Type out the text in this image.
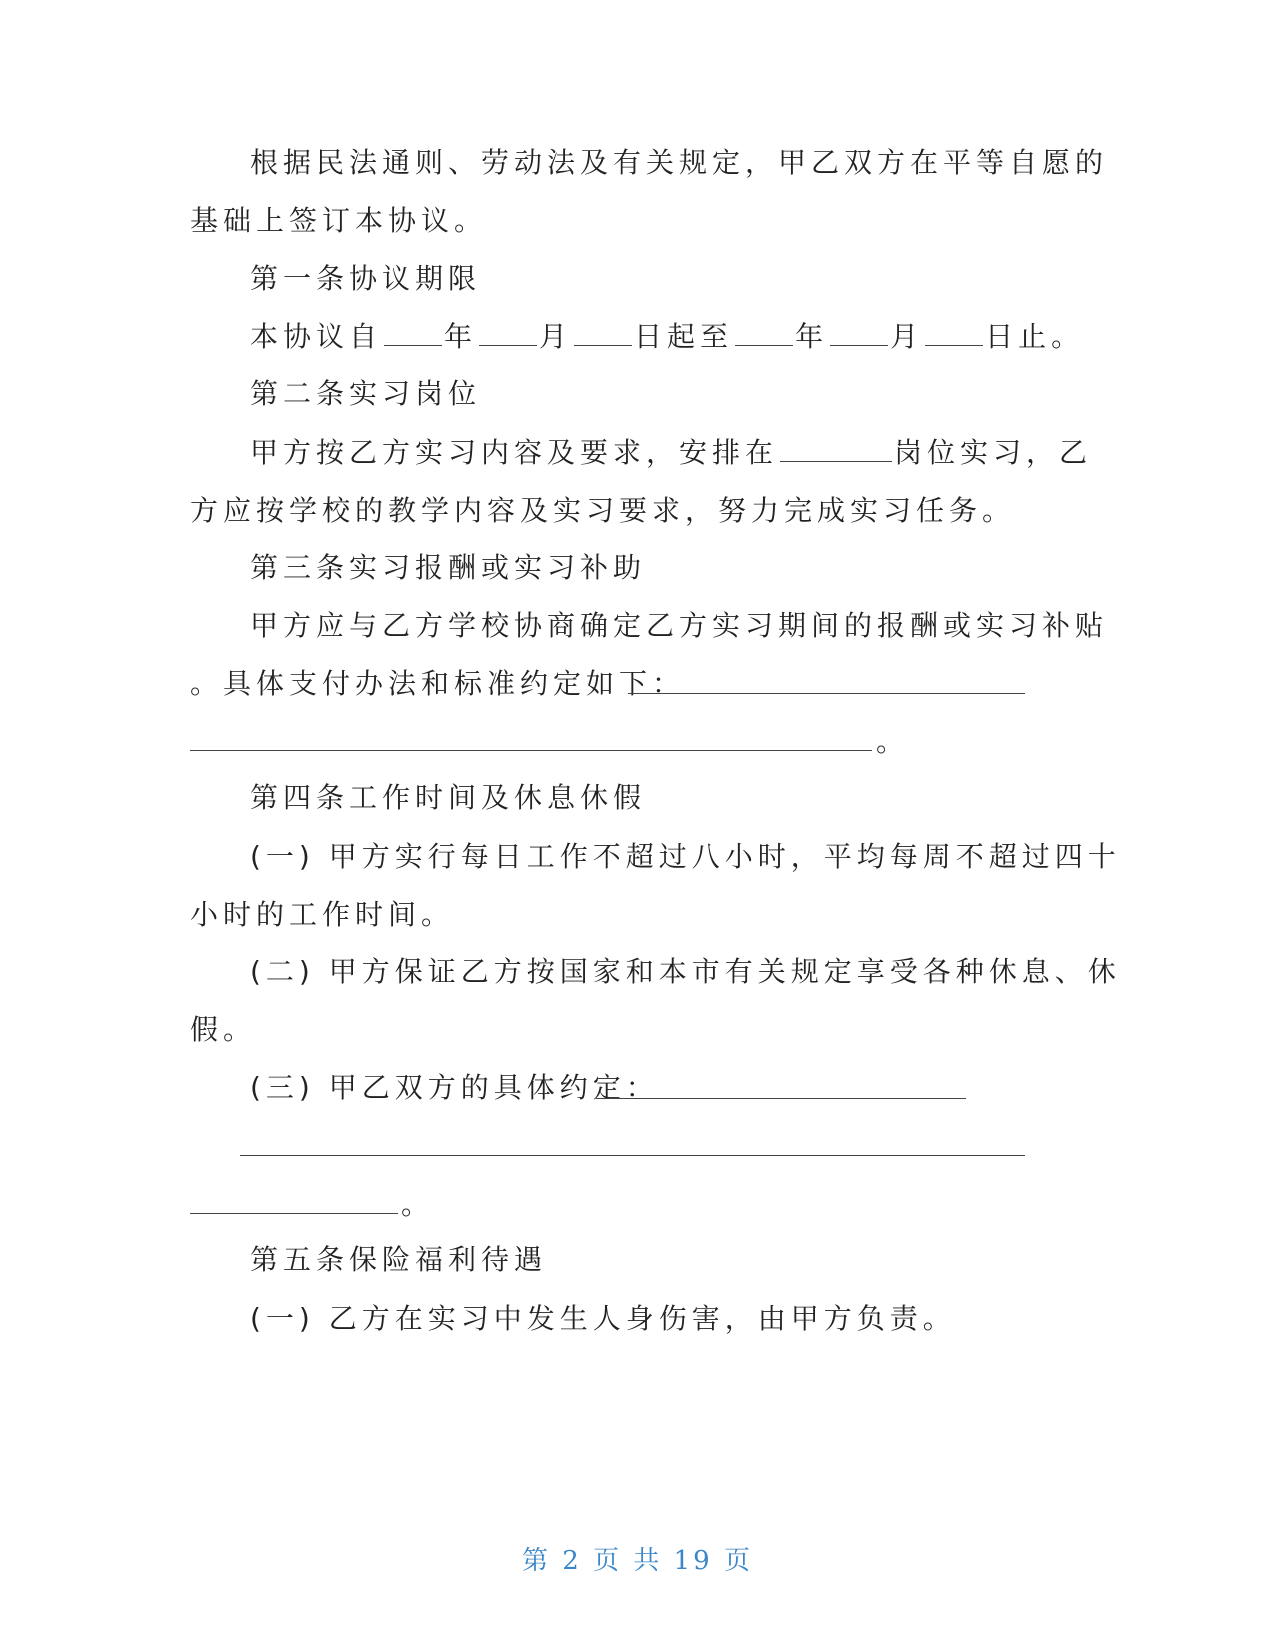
根据民法通则、劳动法及有关规定，甲乙双方在平等自愿的
基础上签订本协议。
第一条协议期限
本协议自 年 月 日起至 年 月 日止。
第二条实习岗位
甲方按乙方实习内容及要求，安排在	岗位实习，乙
方应按学校的教学内容及实习要求，努力完成实习任务。
第三条实习报酬或实习补助
甲方应与乙方学校协商确定乙方实习期间的报酬或实习补贴
。具体支付办法和标准约定如下：
。
第四条工作时间及休息休假
(一) 甲方实行每日工作不超过八小时，平均每周不超过四十
小时的工作时间。
(二) 甲方保证乙方按国家和本市有关规定享受各种休息、休
假。
(三) 甲乙双方的具体约定：
。
第五条保险福利待遇
(一) 乙方在实习中发生人身伤害，由甲方负责。
第 2 页 共 19 页
